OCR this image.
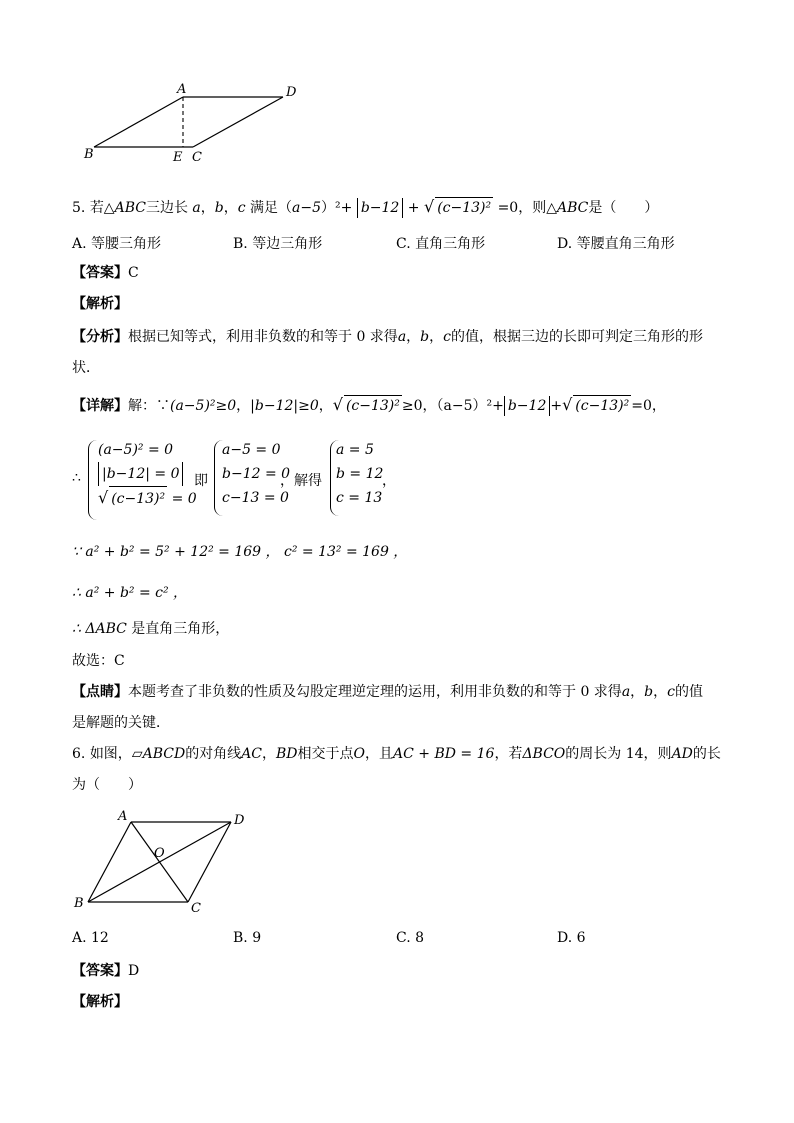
A	D
B	E C
5. 若△ABC三边长 a，b，c 满足（a−5）²+ b−12 + √ (c−13)² =0，则△ABC是（　　）
A. 等腰三角形	B. 等边三角形	C. 直角三角形	D. 等腰直角三角形
【答案】C
【解析】
【分析】根据已知等式，利用非负数的和等于 0 求得a，b，c的值，根据三边的长即可判定三角形的形
状．
【详解】解：∵(a−5)²≥0，|b−12|≥0，√ (c−13)² ≥0，（a−5）²+ b−12 +√ (c−13)² =0，
∴
(a−5)² = 0
|b−12| = 0
√ (c−13)² = 0
即
a−5 = 0
b−12 = 0
c−13 = 0
，解得
a = 5
b = 12
c = 13
，
∵ a² + b² = 5² + 12² = 169 ， c² = 13² = 169 ，
∴ a² + b² = c² ，
∴ ΔABC 是直角三角形，
故选：C
【点睛】本题考查了非负数的性质及勾股定理逆定理的运用，利用非负数的和等于 0 求得a，b，c的值
是解题的关键．
6. 如图，▱ABCD的对角线AC，BD相交于点O，且AC + BD = 16，若ΔBCO的周长为 14，则AD的长
为（　　）
A	D
B	C
O
A. 12	B. 9	C. 8	D. 6
【答案】D
【解析】
